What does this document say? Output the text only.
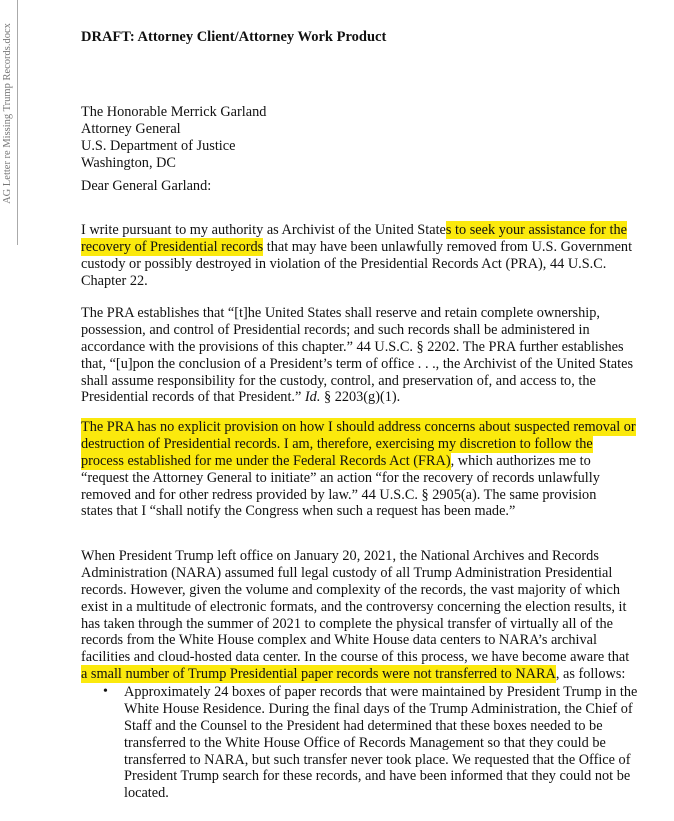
AG Letter re Missing Trump Records.docx	DRAFT: Attorney Client/Attorney Work Product
The Honorable Merrick Garland
Attorney General
U.S. Department of Justice
Washington, DC
Dear General Garland:
I write pursuant to my authority as Archivist of the United States to seek your assistance for the
recovery of Presidential records that may have been unlawfully removed from U.S. Government
custody or possibly destroyed in violation of the Presidential Records Act (PRA), 44 U.S.C.
Chapter 22.
The PRA establishes that “[t]he United States shall reserve and retain complete ownership,
possession, and control of Presidential records; and such records shall be administered in
accordance with the provisions of this chapter.” 44 U.S.C. § 2202. The PRA further establishes
that, “[u]pon the conclusion of a President’s term of office . . ., the Archivist of the United States
shall assume responsibility for the custody, control, and preservation of, and access to, the
Presidential records of that President.” Id. § 2203(g)(1).
The PRA has no explicit provision on how I should address concerns about suspected removal or
destruction of Presidential records. I am, therefore, exercising my discretion to follow the
process established for me under the Federal Records Act (FRA), which authorizes me to
“request the Attorney General to initiate” an action “for the recovery of records unlawfully
removed and for other redress provided by law.” 44 U.S.C. § 2905(a). The same provision
states that I “shall notify the Congress when such a request has been made.”
When President Trump left office on January 20, 2021, the National Archives and Records
Administration (NARA) assumed full legal custody of all Trump Administration Presidential
records. However, given the volume and complexity of the records, the vast majority of which
exist in a multitude of electronic formats, and the controversy concerning the election results, it
has taken through the summer of 2021 to complete the physical transfer of virtually all of the
records from the White House complex and White House data centers to NARA’s archival
facilities and cloud-hosted data center. In the course of this process, we have become aware that
a small number of Trump Presidential paper records were not transferred to NARA, as follows:
• Approximately 24 boxes of paper records that were maintained by President Trump in the
White House Residence. During the final days of the Trump Administration, the Chief of
Staff and the Counsel to the President had determined that these boxes needed to be
transferred to the White House Office of Records Management so that they could be
transferred to NARA, but such transfer never took place. We requested that the Office of
President Trump search for these records, and have been informed that they could not be
located.
